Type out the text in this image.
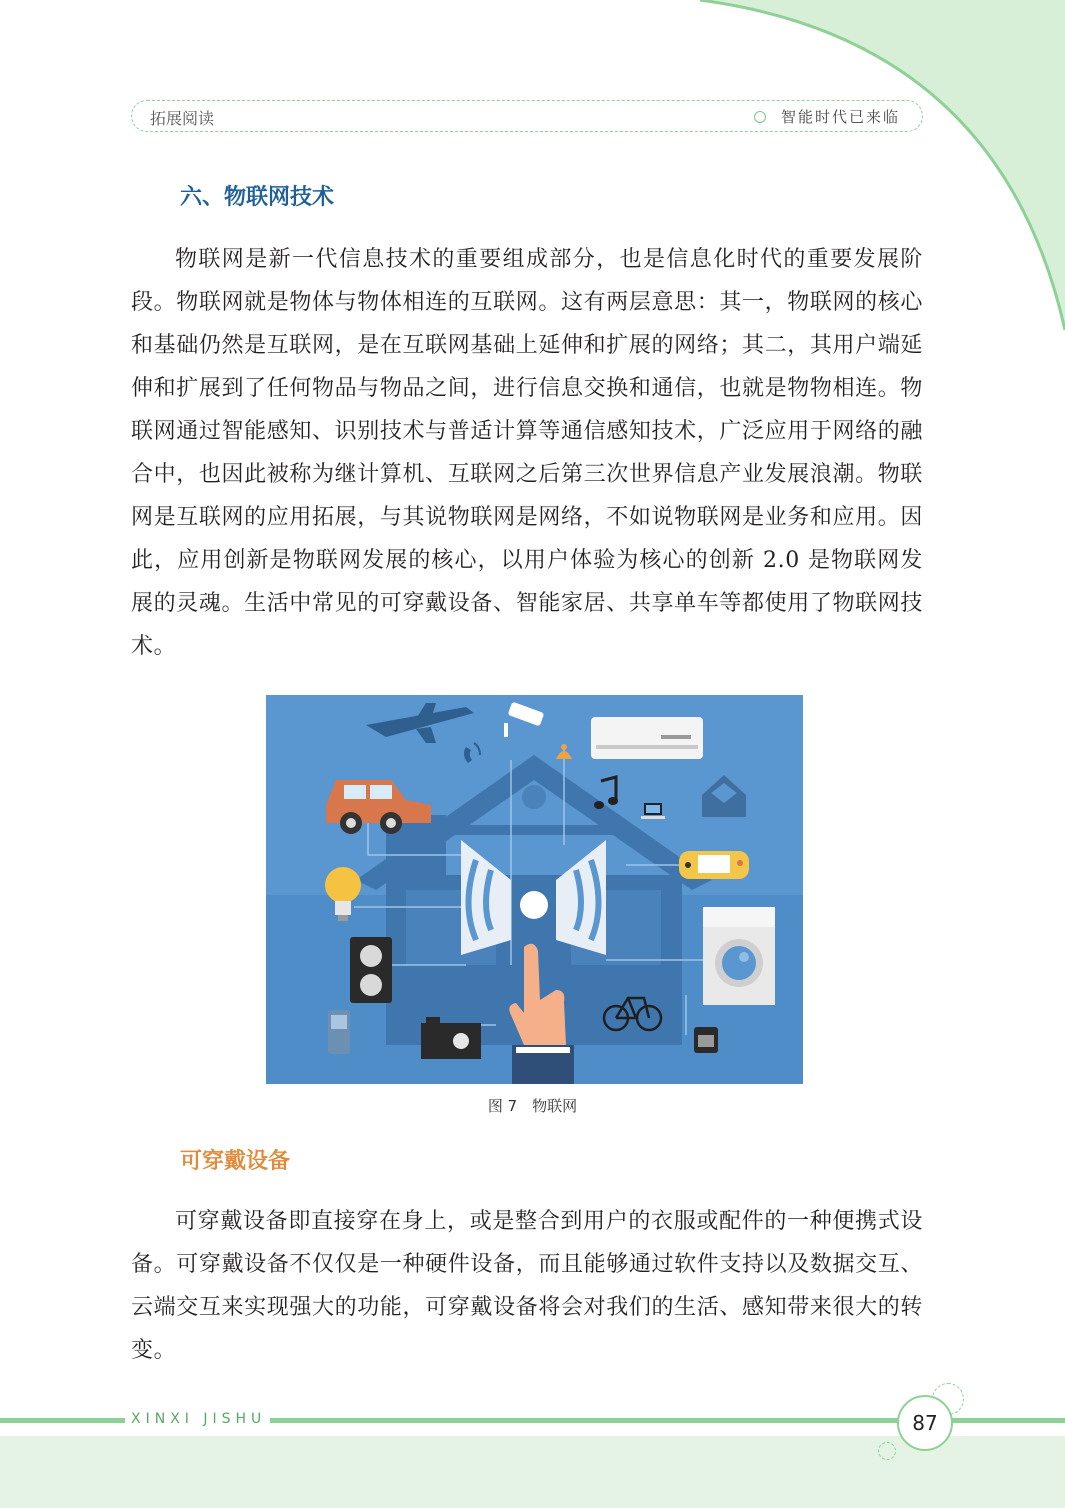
拓展阅读	智能时代已来临
六、物联网技术

物联网是新一代信息技术的重要组成部分，也是信息化时代的重要发展阶段。物联网就是物体与物体相连的互联网。这有两层意思：其一，物联网的核心和基础仍然是互联网，是在互联网基础上延伸和扩展的网络；其二，其用户端延伸和扩展到了任何物品与物品之间，进行信息交换和通信，也就是物物相连。物联网通过智能感知、识别技术与普适计算等通信感知技术，广泛应用于网络的融合中，也因此被称为继计算机、互联网之后第三次世界信息产业发展浪潮。物联网是互联网的应用拓展，与其说物联网是网络，不如说物联网是业务和应用。因此，应用创新是物联网发展的核心，以用户体验为核心的创新 2.0 是物联网发展的灵魂。生活中常见的可穿戴设备、智能家居、共享单车等都使用了物联网技术。

图 7　物联网
可穿戴设备

可穿戴设备即直接穿在身上，或是整合到用户的衣服或配件的一种便携式设备。可穿戴设备不仅仅是一种硬件设备，而且能够通过软件支持以及数据交互、云端交互来实现强大的功能，可穿戴设备将会对我们的生活、感知带来很大的转变。

XINXI JISHU	87
